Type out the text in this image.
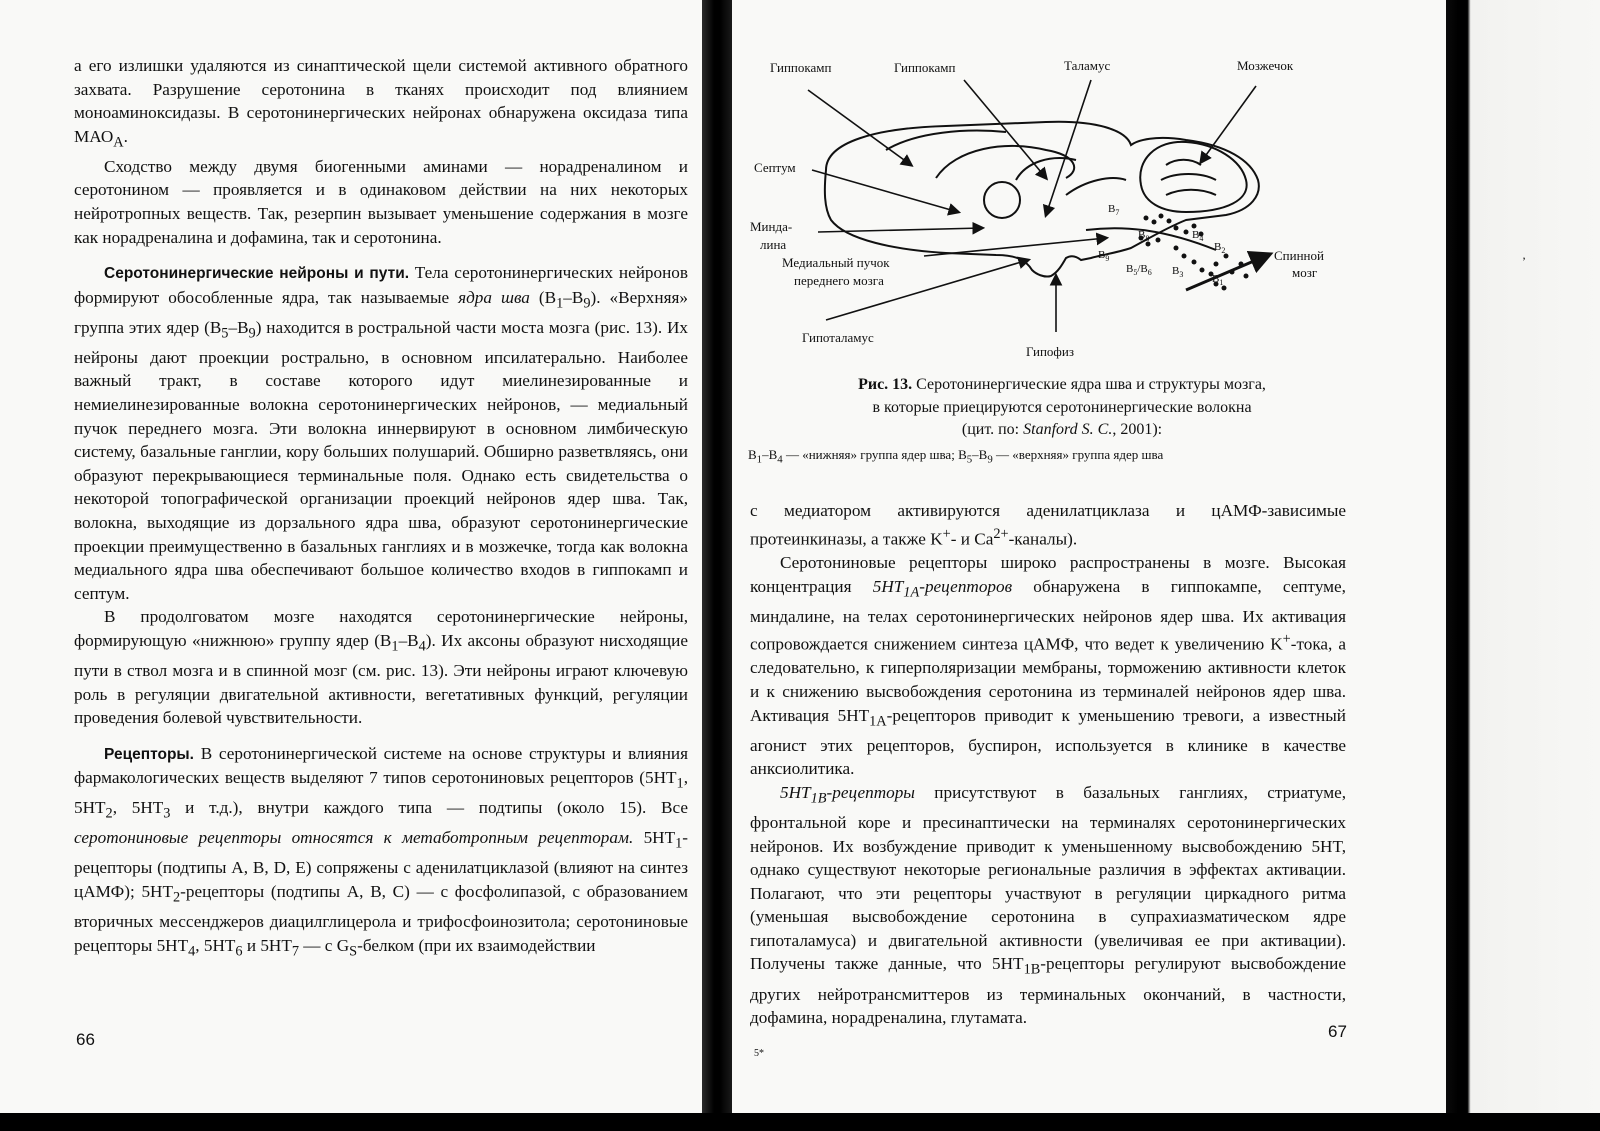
а его излишки удаляются из синаптической щели системой активного обратного захвата. Разрушение серотонина в тканях происходит под влиянием моноаминоксидазы. В серотонинергических нейронах обнаружена оксидаза типа $МАО_A$.

Сходство между двумя биогенными аминами — норадреналином и серотонином — проявляется и в одинаковом действии на них некоторых нейротропных веществ. Так, резерпин вызывает уменьшение содержания в мозге как норадреналина и дофамина, так и серотонина.

Серотонинергические нейроны и пути. Тела серотонинергических нейронов формируют обособленные ядра, так называемые ядра шва $(B_1-B_9)$. «Верхняя» группа этих ядер $(B_5-B_9)$ находится в ростральной части моста мозга (рис. 13). Их нейроны дают проекции рострально, в основном ипсилатерально. Наиболее важный тракт, в составе которого идут миелинезированные и немиелинезированные волокна серотонинергических нейронов, — медиальный пучок переднего мозга. Эти волокна иннервируют в основном лимбическую систему, базальные ганглии, кору больших полушарий. Обширно разветвляясь, они образуют перекрывающиеся терминальные поля. Однако есть свидетельства о некоторой топографической организации проекций нейронов ядер шва. Так, волокна, выходящие из дорзального ядра шва, образуют серотонинергические проекции преимущественно в базальных ганглиях и в мозжечке, тогда как волокна медиального ядра шва обеспечивают большое количество входов в гиппокамп и септум.

В продолговатом мозге находятся серотонинергические нейроны, формирующую «нижнюю» группу ядер $(B_1-B_4)$. Их аксоны образуют нисходящие пути в ствол мозга и в спинной мозг (см. рис. 13). Эти нейроны играют ключевую роль в регуляции двигательной активности, вегетативных функций, регуляции проведения болевой чувствительности.

Рецепторы. В серотонинергической системе на основе структуры и влияния фармакологических веществ выделяют 7 типов серотониновых рецепторов ($5HT_1$, $5HT_2$, $5HT_3$ и т.д.), внутри каждого типа — подтипы (около 15). Все серотониновые рецепторы относятся к метаботропным рецепторам. $5HT_1$-рецепторы (подтипы A, B, D, E) сопряжены с аденилатциклазой (влияют на синтез цАМФ); $5HT_2$-рецепторы (подтипы A, B, C) — с фосфолипазой, с образованием вторичных мессенджеров диацилглицерола и трифосфоинозитола; серотониновые рецепторы $5HT_4$, $5HT_6$ и $5HT_7$ — с $G_S$-белком (при их взаимодействии

66
Гиппокамп	Гиппокамп	Таламус	Мозжечок
Септум
Минда-
лина
Медиальный пучок
переднего мозга
Гипоталамус
Гипофиз
Спинной
мозг
$B_7$
$B_8$
$B_9$
$B_5/B_6$ $B_3$
$B_4$
$B_2$
$B_1$

Рис. 13. Серотонинергические ядра шва и структуры мозга,

в которые приецируются серотонинергические волокна

(цит. по: Stanford S. C., 2001):

$B_1-B_4$ — «нижняя» группа ядер шва; $B_5-B_9$ — «верхняя» группа ядер шва

с медиатором активируются аденилатциклаза и цАМФ-зависимые протеинкиназы, а также K+- и $Ca^{2+}-каналы$).

Серотониновые рецепторы широко распространены в мозге. Высокая концентрация $5HT_{1A}$-рецепторов обнаружена в гиппокампе, септуме, миндалине, на телах серотонинергических нейронов ядер шва. Их активация сопровождается снижением синтеза цАМФ, что ведет к увеличению K+-тока, а следовательно, к гиперполяризации мембраны, торможению активности клеток и к снижению высвобождения серотонина из терминалей нейронов ядер шва. Активация $5HT_{1A}$-рецепторов приводит к уменьшению тревоги, а известный агонист этих рецепторов, буспирон, используется в клинике в качестве анксиолитика.

$5HT_{1B}$-рецепторы присутствуют в базальных ганглиях, стриатуме, фронтальной коре и пресинаптически на терминалях серотонинергических нейронов. Их возбуждение приводит к уменьшенному высвобождению 5HT, однако существуют некоторые региональные различия в эффектах активации. Полагают, что эти рецепторы участвуют в регуляции циркадного ритма (уменьшая высвобождение серотонина в супрахиазматическом ядре гипоталамуса) и двигательной активности (увеличивая ее при активации). Получены также данные, что $5HT_{1B}$-рецепторы регулируют высвобождение других нейротрансмиттеров из терминальных окончаний, в частности, дофамина, норадреналина, глутамата.

67
5*
’
